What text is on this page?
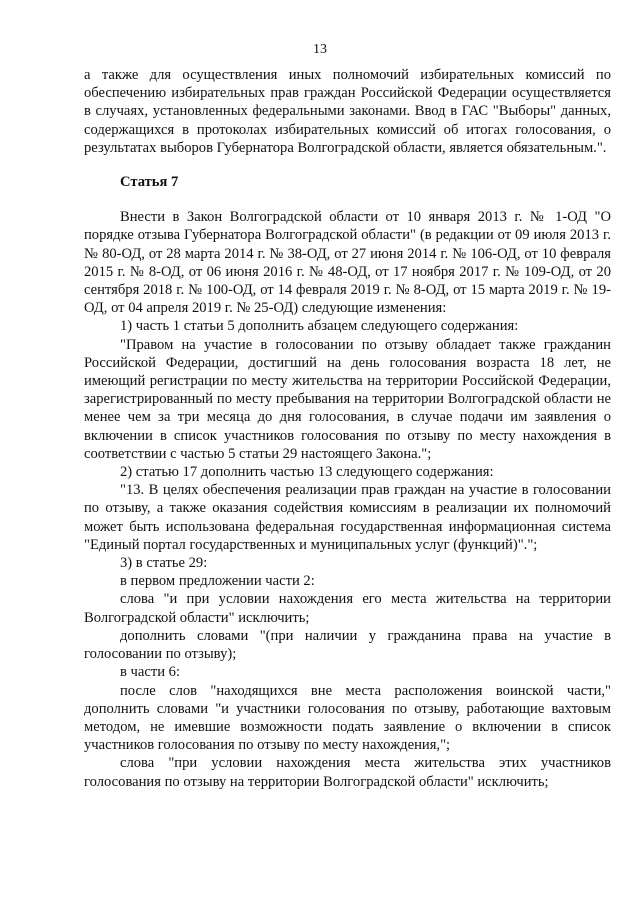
13

а также для осуществления иных полномочий избирательных комиссий по обеспечению избирательных прав граждан Российской Федерации осуществляется в случаях, установленных федеральными законами. Ввод в ГАС "Выборы" данных, содержащихся в протоколах избирательных комиссий об итогах голосования, о результатах выборов Губернатора Волгоградской области, является обязательным.".

Статья 7

Внести в Закон Волгоградской области от 10 января 2013 г. № 1-ОД "О порядке отзыва Губернатора Волгоградской области" (в редакции от 09 июля 2013 г. № 80-ОД, от 28 марта 2014 г. № 38-ОД, от 27 июня 2014 г. № 106-ОД, от 10 февраля 2015 г. № 8-ОД, от 06 июня 2016 г. № 48-ОД, от 17 ноября 2017 г. № 109-ОД, от 20 сентября 2018 г. № 100-ОД, от 14 февраля 2019 г. № 8-ОД, от 15 марта 2019 г. № 19-ОД, от 04 апреля 2019 г. № 25-ОД) следующие изменения:

1) часть 1 статьи 5 дополнить абзацем следующего содержания:

"Правом на участие в голосовании по отзыву обладает также гражданин Российской Федерации, достигший на день голосования возраста 18 лет, не имеющий регистрации по месту жительства на территории Российской Федерации, зарегистрированный по месту пребывания на территории Волгоградской области не менее чем за три месяца до дня голосования, в случае подачи им заявления о включении в список участников голосования по отзыву по месту нахождения в соответствии с частью 5 статьи 29 настоящего Закона.";

2) статью 17 дополнить частью 13 следующего содержания:

"13. В целях обеспечения реализации прав граждан на участие в голосовании по отзыву, а также оказания содействия комиссиям в реализации их полномочий может быть использована федеральная государственная информационная система "Единый портал государственных и муниципальных услуг (функций)".";

3) в статье 29:

в первом предложении части 2:

слова "и при условии нахождения его места жительства на территории Волгоградской области" исключить;

дополнить словами "(при наличии у гражданина права на участие в голосовании по отзыву);

в части 6:

после слов "находящихся вне места расположения воинской части," дополнить словами "и участники голосования по отзыву, работающие вахтовым методом, не имевшие возможности подать заявление о включении в список участников голосования по отзыву по месту нахождения,";

слова "при условии нахождения места жительства этих участников голосования по отзыву на территории Волгоградской области" исключить;
